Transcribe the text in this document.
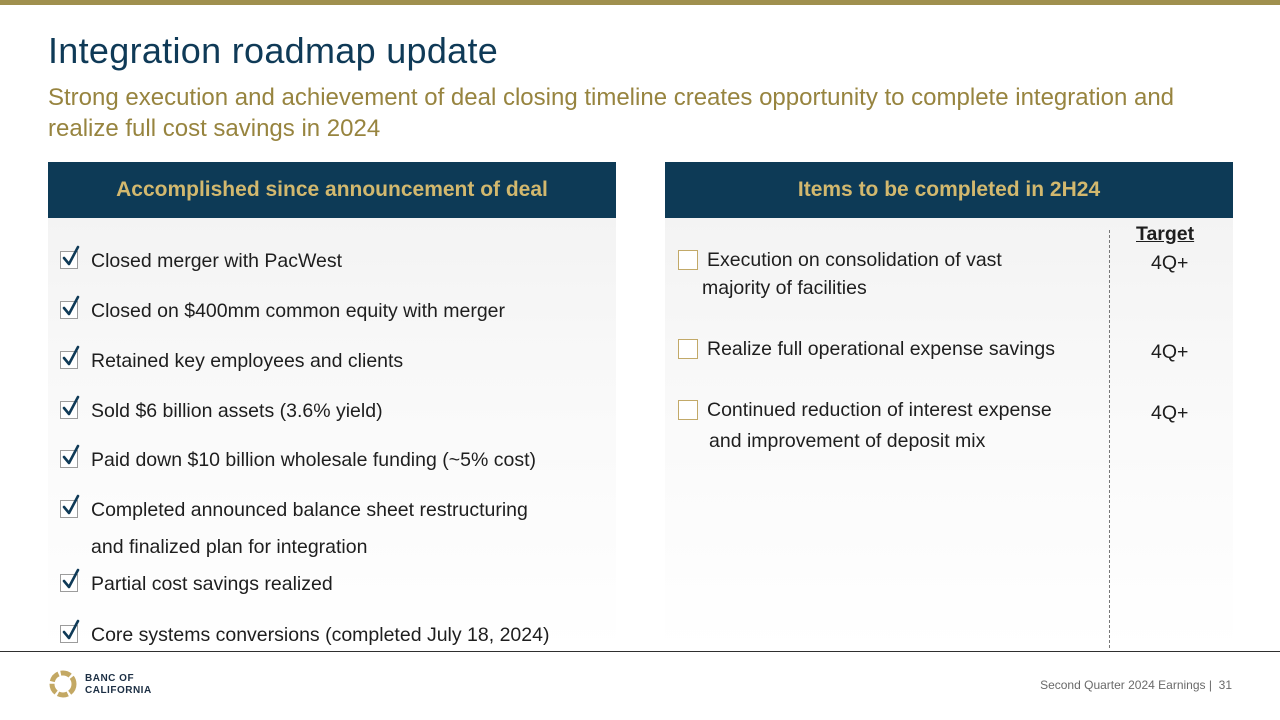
Integration roadmap update

Strong execution and achievement of deal closing timeline creates opportunity to complete integration and realize full cost savings in 2024

Accomplished since announcement of deal
Closed merger with PacWest
Closed on $400mm common equity with merger
Retained key employees and clients
Sold $6 billion assets (3.6% yield)
Paid down $10 billion wholesale funding (~5% cost)
Completed announced balance sheet restructuring
and finalized plan for integration
Partial cost savings realized
Core systems conversions (completed July 18, 2024)
Items to be completed in 2H24
Target
Execution on consolidation of vast
majority of facilities
4Q+
Realize full operational expense savings	4Q+
Continued reduction of interest expense
and improvement of deposit mix
4Q+
BANC OF
CALIFORNIA	Second Quarter 2024 Earnings | 31
